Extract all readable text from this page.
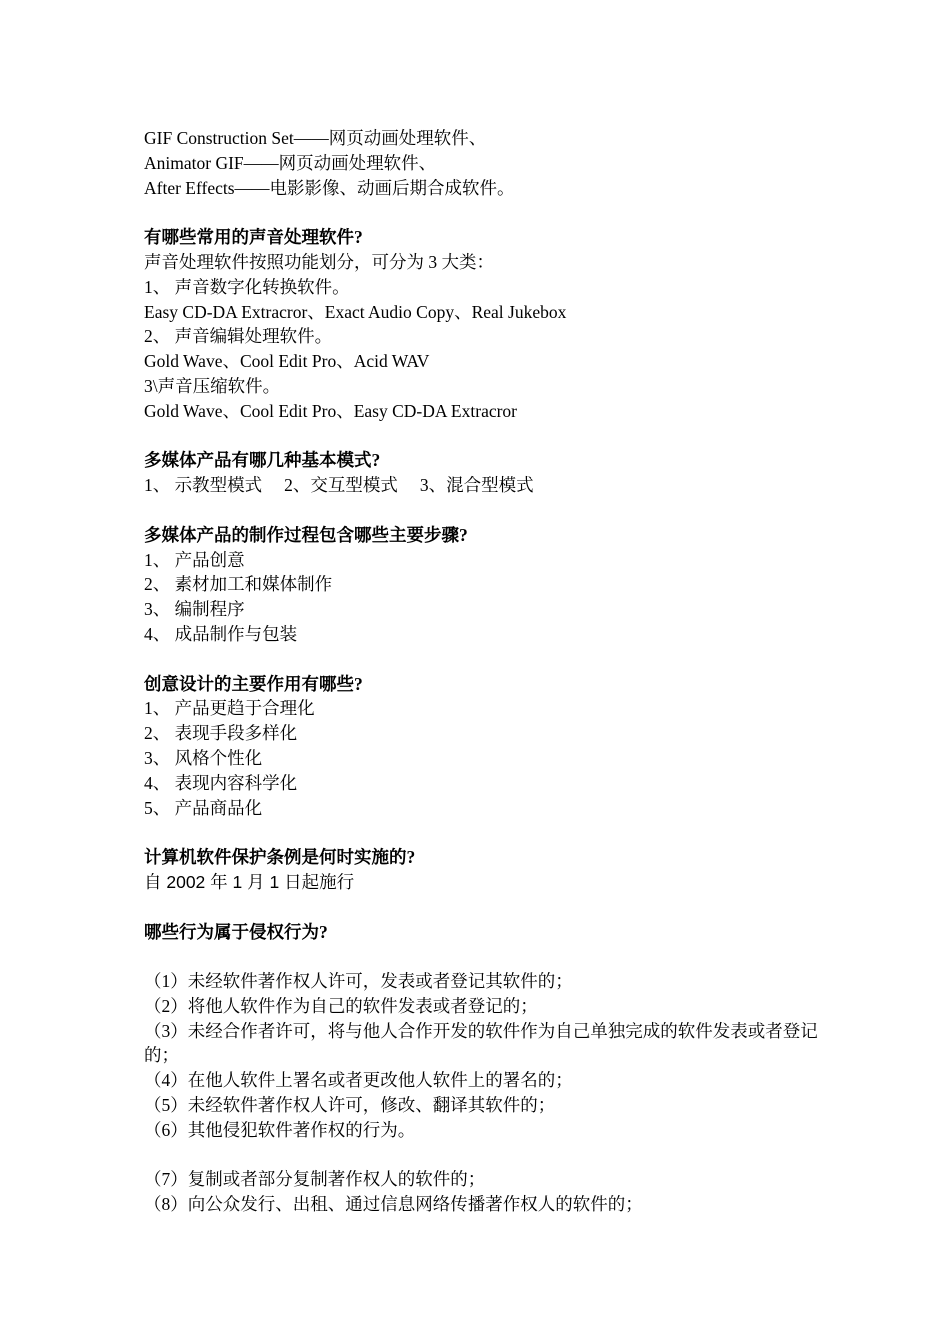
GIF Construction Set——网页动画处理软件、
Animator GIF——网页动画处理软件、
After Effects——电影影像、动画后期合成软件。
有哪些常用的声音处理软件?
声音处理软件按照功能划分，可分为 3 大类：
1、 声音数字化转换软件。
Easy CD-DA Extracror、Exact Audio Copy、Real Jukebox
2、 声音编辑处理软件。
Gold Wave、Cool Edit Pro、Acid WAV
3\声音压缩软件。
Gold Wave、Cool Edit Pro、Easy CD-DA Extracror
多媒体产品有哪几种基本模式?
1、 示教型模式 2、交互型模式 3、混合型模式
多媒体产品的制作过程包含哪些主要步骤?
1、 产品创意
2、 素材加工和媒体制作
3、 编制程序
4、 成品制作与包装
创意设计的主要作用有哪些?
1、 产品更趋于合理化
2、 表现手段多样化
3、 风格个性化
4、 表现内容科学化
5、 产品商品化
计算机软件保护条例是何时实施的?
自 2002 年 1 月 1 日起施行
哪些行为属于侵权行为?
（1）未经软件著作权人许可，发表或者登记其软件的；
（2）将他人软件作为自己的软件发表或者登记的；
（3）未经合作者许可，将与他人合作开发的软件作为自己单独完成的软件发表或者登记的；
（4）在他人软件上署名或者更改他人软件上的署名的；
（5）未经软件著作权人许可，修改、翻译其软件的；
（6）其他侵犯软件著作权的行为。
（7）复制或者部分复制著作权人的软件的；
（8）向公众发行、出租、通过信息网络传播著作权人的软件的；
